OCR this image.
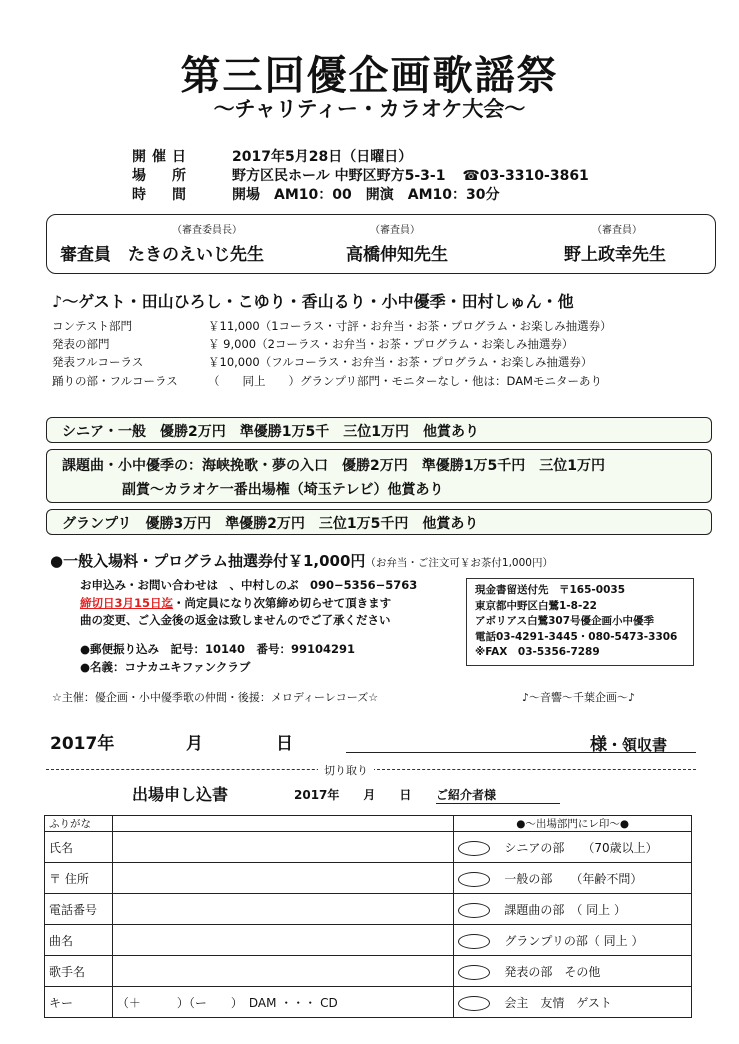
第三回優企画歌謡祭
〜チャリティー・カラオケ大会〜
開催日	2017年5月28日（日曜日）
場　所	野方区民ホール 中野区野方5-3-1 ☎03-3310-3861
時　間	開場　AM10：00　開演　AM10：30分
（審査委員長）
審査員　たきのえいじ先生
（審査員）
高橋伸知先生
（審査員）
野上政幸先生
♪〜ゲスト・田山ひろし・こゆり・香山るり・小中優季・田村しゅん・他
コンテスト部門	￥11,000（1コーラス・寸評・お弁当・お茶・プログラム・お楽しみ抽選券）
発表の部門	￥ 9,000（2コーラス・お弁当・お茶・プログラム・お楽しみ抽選券）
発表フルコーラス	￥10,000（フルコーラス・お弁当・お茶・プログラム・お楽しみ抽選券）
踊りの部・フルコーラス	（　　同上　　）グランプリ部門・モニターなし・他は：DAMモニターあり
シニア・一般　優勝2万円　準優勝1万5千　三位1万円　他賞あり
課題曲・小中優季の：海峡挽歌・夢の入口　優勝2万円　準優勝1万5千円　三位1万円
副賞〜カラオケ一番出場権（埼玉テレビ）他賞あり
グランプリ　優勝3万円　準優勝2万円　三位1万5千円　他賞あり
●一般入場料・プログラム抽選券付￥1,000円（お弁当・ご注文可￥お茶付1,000円）
お申込み・お問い合わせは　、中村しのぶ　090−5356−5763
締切日3月15日迄・尚定員になり次第締め切らせて頂きます
曲の変更、ご入金後の返金は致しませんのでご了承ください
●郵便振り込み　記号：10140　番号：99104291
●名義：コナカユキファンクラブ
現金書留送付先　〒165-0035
東京都中野区白鷺1-8-22
アボリアス白鷺307号優企画小中優季
電話03-4291-3445・080-5473-3306
※FAX　03-5356-7289
☆主催：優企画・小中優季歌の仲間・後援：メロディーレコーズ☆	♪〜音響〜千葉企画〜♪
2017年	月	日	様・領収書
切り取り
出場申し込書	2017年　　月　　日 ご紹介者様
ふりがな		●〜出場部門にレ印〜●
氏名		シニアの部　　（70歳以上）
〒 住所		一般の部　　（年齢不問）
電話番号		課題曲の部　（ 同上 ）
曲名		グランプリの部（ 同上 ）
歌手名		発表の部　その他
キー	（＋　　　）（ー　　）　DAM ・・・ CD	会主　友情　ゲスト
